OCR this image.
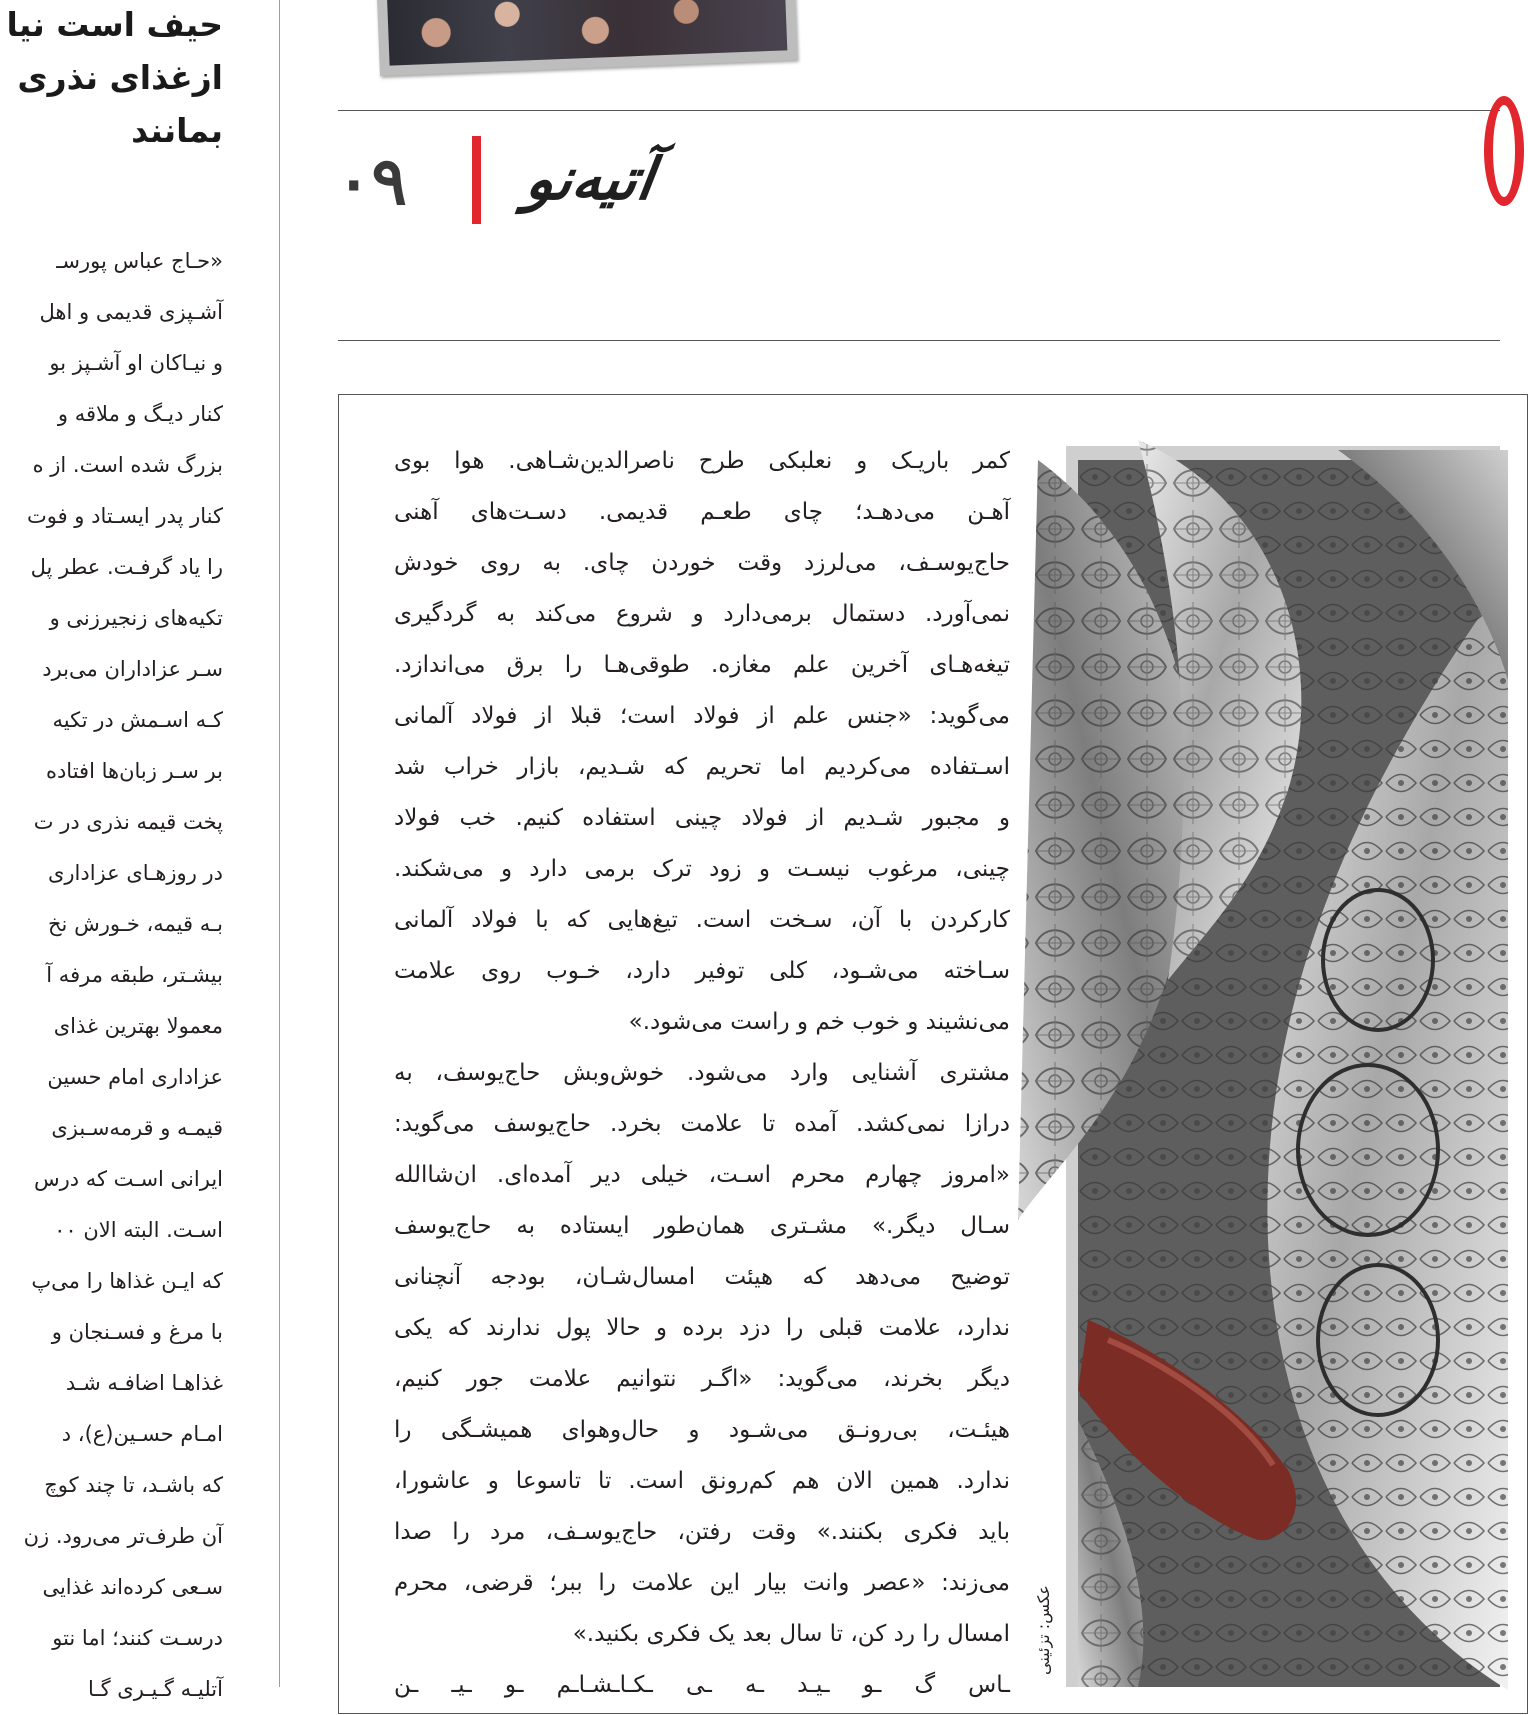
حیف است نیا
ازغذای نذری
بمانند
«حـاج عباس پورسـ
آشـپزی قدیمی و اهل
و نیـاکان او آشـپز بو
کنار دیـگ و ملاقه و
بزرگ شده است. از ه
کنار پدر ایسـتاد و فوت
را یاد گرفـت. عطر پل
تکیه‌های زنجیرزنی و
سـر عزاداران می‌برد
کـه اسـمش در تکیه
بر سـر زبان‌ها افتاده
پخت قیمه نذری در ت
در روزهـای عزاداری
بـه قیمه، خـورش نخ
بیشـتر، طبقه مرفه آ
معمولا بهترین غذای
عزاداری امام حسین
قیمـه و قرمه‌سـبزی
ایرانی اسـت که درس
اسـت. البته الان ۰۰
که ایـن غذاها را می‌پ
با مرغ و فسـنجان و
غذاهـا اضافـه شـد
امـام حسـین(ع)، د
که باشـد، تا چند کوچ
آن طرف‌تر می‌رود. زن
سـعی کرده‌اند غذایی
درسـت کنند؛ اما نتو
آتلیـه گـیـری گـا
۰۹	آتیه‌نو
کمر باریـک و نعلبکی طرح ناصرالدین‌شـاهی. هوا بوی
آهـن می‌دهـد؛ چای طعـم قدیمی. دسـت‌های آهنی
حاج‌یوسـف، می‌لرزد وقت خوردن چای. به روی خودش
نمی‌آورد. دستمال برمی‌دارد و شروع می‌کند به گردگیری
تیغه‌هـای آخرین علم مغازه. طوقی‌هـا را برق می‌اندازد.
می‌گوید: «جنس علم از فولاد است؛ قبلا از فولاد آلمانی
اسـتفاده می‌کردیم اما تحریم که شـدیم، بازار خراب شد
و مجبور شـدیم از فولاد چینی استفاده کنیم. خب فولاد
چینی، مرغوب نیسـت و زود ترک برمی دارد و می‌شکند.
کارکردن با آن، سـخت است. تیغ‌هایی که با فولاد آلمانی
سـاخته می‌شـود، کلی توفیر دارد، خـوب روی علامت
می‌نشیند و خوب خم و راست می‌شود.»
مشتری آشنایی وارد می‌شود. خوش‌وبش حاج‌یوسف، به
درازا نمی‌کشد. آمده تا علامت بخرد. حاج‌یوسف می‌گوید:
«امروز چهارم محرم اسـت، خیلی دیر آمده‌ای. ان‌شاالله
سـال دیگر.» مشـتری همان‌طور ایستاده به حاج‌یوسف
توضیح می‌دهد که هیئت امسال‌شـان، بودجه آنچنانی
ندارد، علامت قبلی را دزد برده و حالا پول ندارند که یکی
دیگر بخرند، می‌گوید: «اگـر نتوانیم علامت جور کنیم،
هیئـت، بی‌رونـق می‌شـود و حال‌وهوای همیشـگی را
ندارد. همین الان هم کم‌رونق است. تا تاسوعا و عاشورا،
باید فکری بکنند.» وقت رفتن، حاج‌یوسـف، مرد را صدا
می‌زند: «عصر وانت بیار این علامت را ببر؛ قرضی، محرم
امسال را رد کن، تا سال بعد یک فکری بکنید.»
ـاس گ ـو ـیـد ـه ـی ـکـاـشـاـم ـو ـیـ ـن
عکس: تزئینی
